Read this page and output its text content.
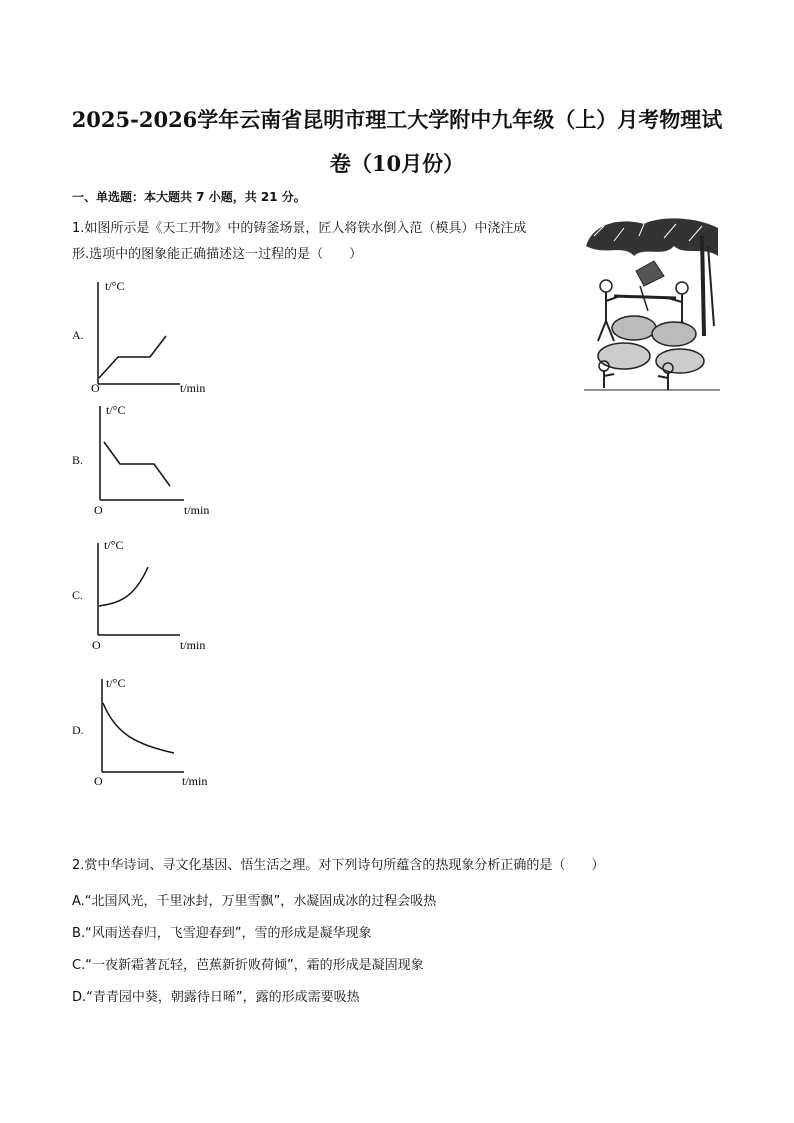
2025-2026学年云南省昆明市理工大学附中九年级（上）月考物理试
卷（10月份）
一、单选题：本大题共 7 小题，共 21 分。
1.如图所示是《天工开物》中的铸釜场景，匠人将铁水倒入范（模具）中浇注成
形.选项中的图象能正确描述这一过程的是（　　）
A.
t/°C
O	t/min
B.
t/°C
O	t/min
C.
t/°C
O	t/min
D.
t/°C
O	t/min
2.赏中华诗词、寻文化基因、悟生活之理。对下列诗句所蕴含的热现象分析正确的是（　　）
A.“北国风光，千里冰封，万里雪飘”，水凝固成冰的过程会吸热
B.“风雨送春归，飞雪迎春到”，雪的形成是凝华现象
C.“一夜新霜著瓦轻，芭蕉新折败荷倾”，霜的形成是凝固现象
D.“青青园中葵，朝露待日晞”，露的形成需要吸热
